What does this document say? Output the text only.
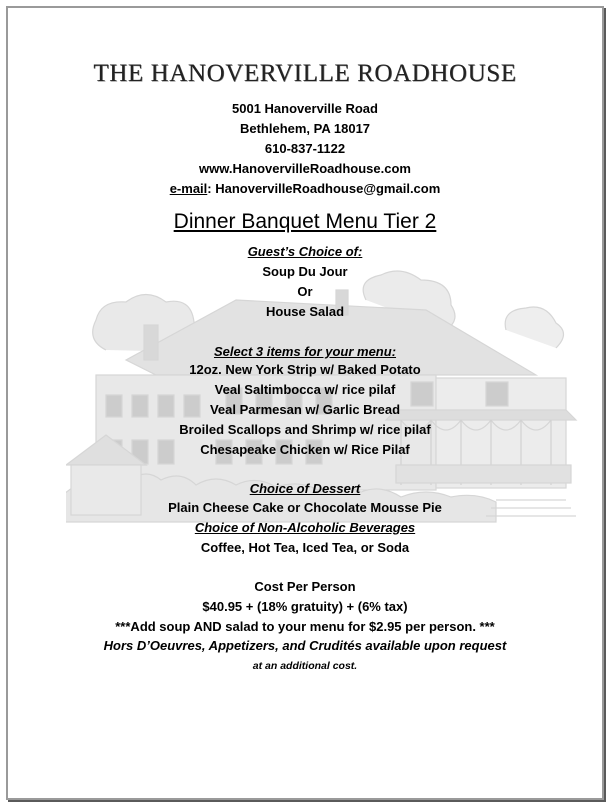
THE HANOVERVILLE ROADHOUSE
5001 Hanoverville Road
Bethlehem, PA 18017
610-837-1122
www.HanovervilleRoadhouse.com
e-mail: HanovervilleRoadhouse@gmail.com
Dinner Banquet Menu Tier 2
Guest’s Choice of:
Soup Du Jour
Or
House Salad
Select 3 items for your menu:
12oz. New York Strip w/ Baked Potato
Veal Saltimbocca w/ rice pilaf
Veal Parmesan w/ Garlic Bread
Broiled Scallops and Shrimp w/ rice pilaf
Chesapeake Chicken w/ Rice Pilaf
Choice of Dessert
Plain Cheese Cake or Chocolate Mousse Pie
Choice of Non-Alcoholic Beverages
Coffee, Hot Tea, Iced Tea, or Soda
Cost Per Person
$40.95 + (18% gratuity) + (6% tax)
***Add soup AND salad to your menu for $2.95 per person. ***
Hors D’Oeuvres, Appetizers, and Crudités available upon request
at an additional cost.
